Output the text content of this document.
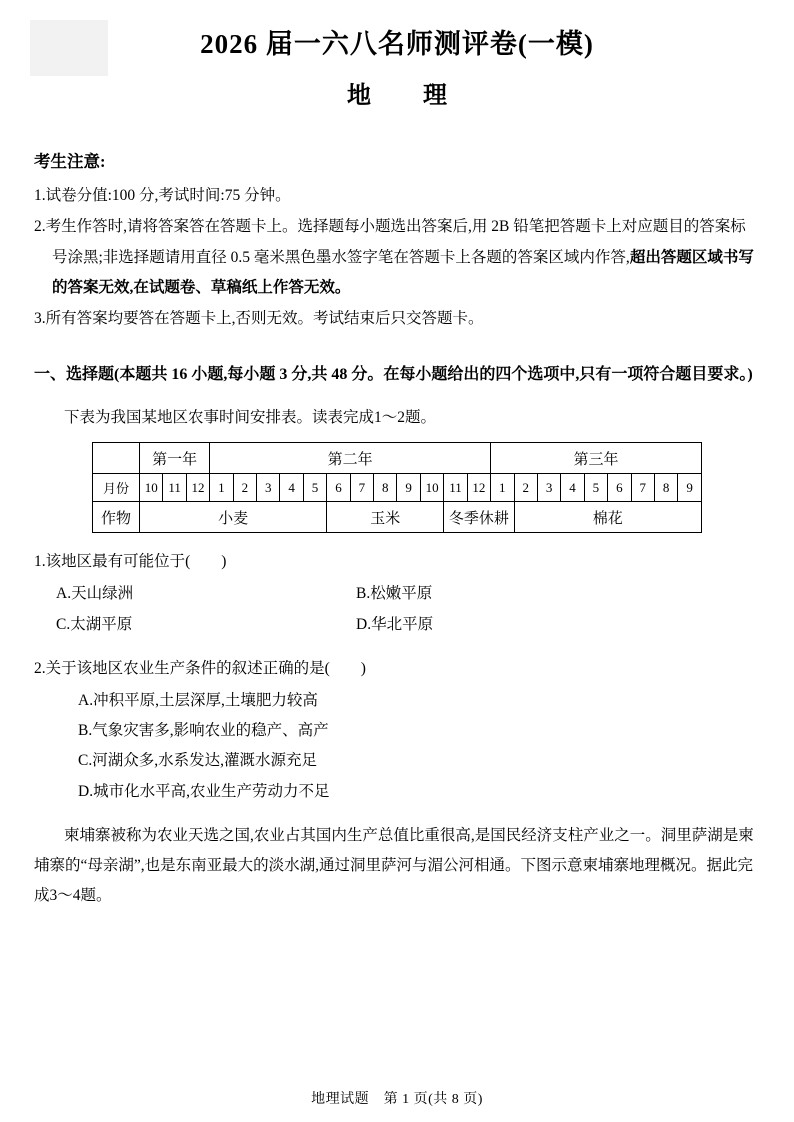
2026 届一六八名师测评卷(一模)
地　理
考生注意:
1.试卷分值:100 分,考试时间:75 分钟。
2.考生作答时,请将答案答在答题卡上。选择题每小题选出答案后,用 2B 铅笔把答题卡上对应题目的答案标号涂黑;非选择题请用直径 0.5 毫米黑色墨水签字笔在答题卡上各题的答案区域内作答,超出答题区域书写的答案无效,在试题卷、草稿纸上作答无效。
3.所有答案均要答在答题卡上,否则无效。考试结束后只交答题卡。
一、选择题(本题共 16 小题,每小题 3 分,共 48 分。在每小题给出的四个选项中,只有一项符合题目要求。)
下表为我国某地区农事时间安排表。读表完成1～2题。
	第一年			第二年												第三年								
月份	10	11	12	1	2	3	4	5	6	7	8	9	10	11	12	1	2	3	4	5	6	7	8	9
作物	小麦								玉米					冬季休耕			棉花							
1.该地区最有可能位于(　　)
A.天山绿洲	B.松嫩平原
C.太湖平原	D.华北平原
2.关于该地区农业生产条件的叙述正确的是(　　)
A.冲积平原,土层深厚,土壤肥力较高
B.气象灾害多,影响农业的稳产、高产
C.河湖众多,水系发达,灌溉水源充足
D.城市化水平高,农业生产劳动力不足
柬埔寨被称为农业天选之国,农业占其国内生产总值比重很高,是国民经济支柱产业之一。洞里萨湖是柬埔寨的“母亲湖”,也是东南亚最大的淡水湖,通过洞里萨河与湄公河相通。下图示意柬埔寨地理概况。据此完成3～4题。
地理试题　第 1 页(共 8 页)
